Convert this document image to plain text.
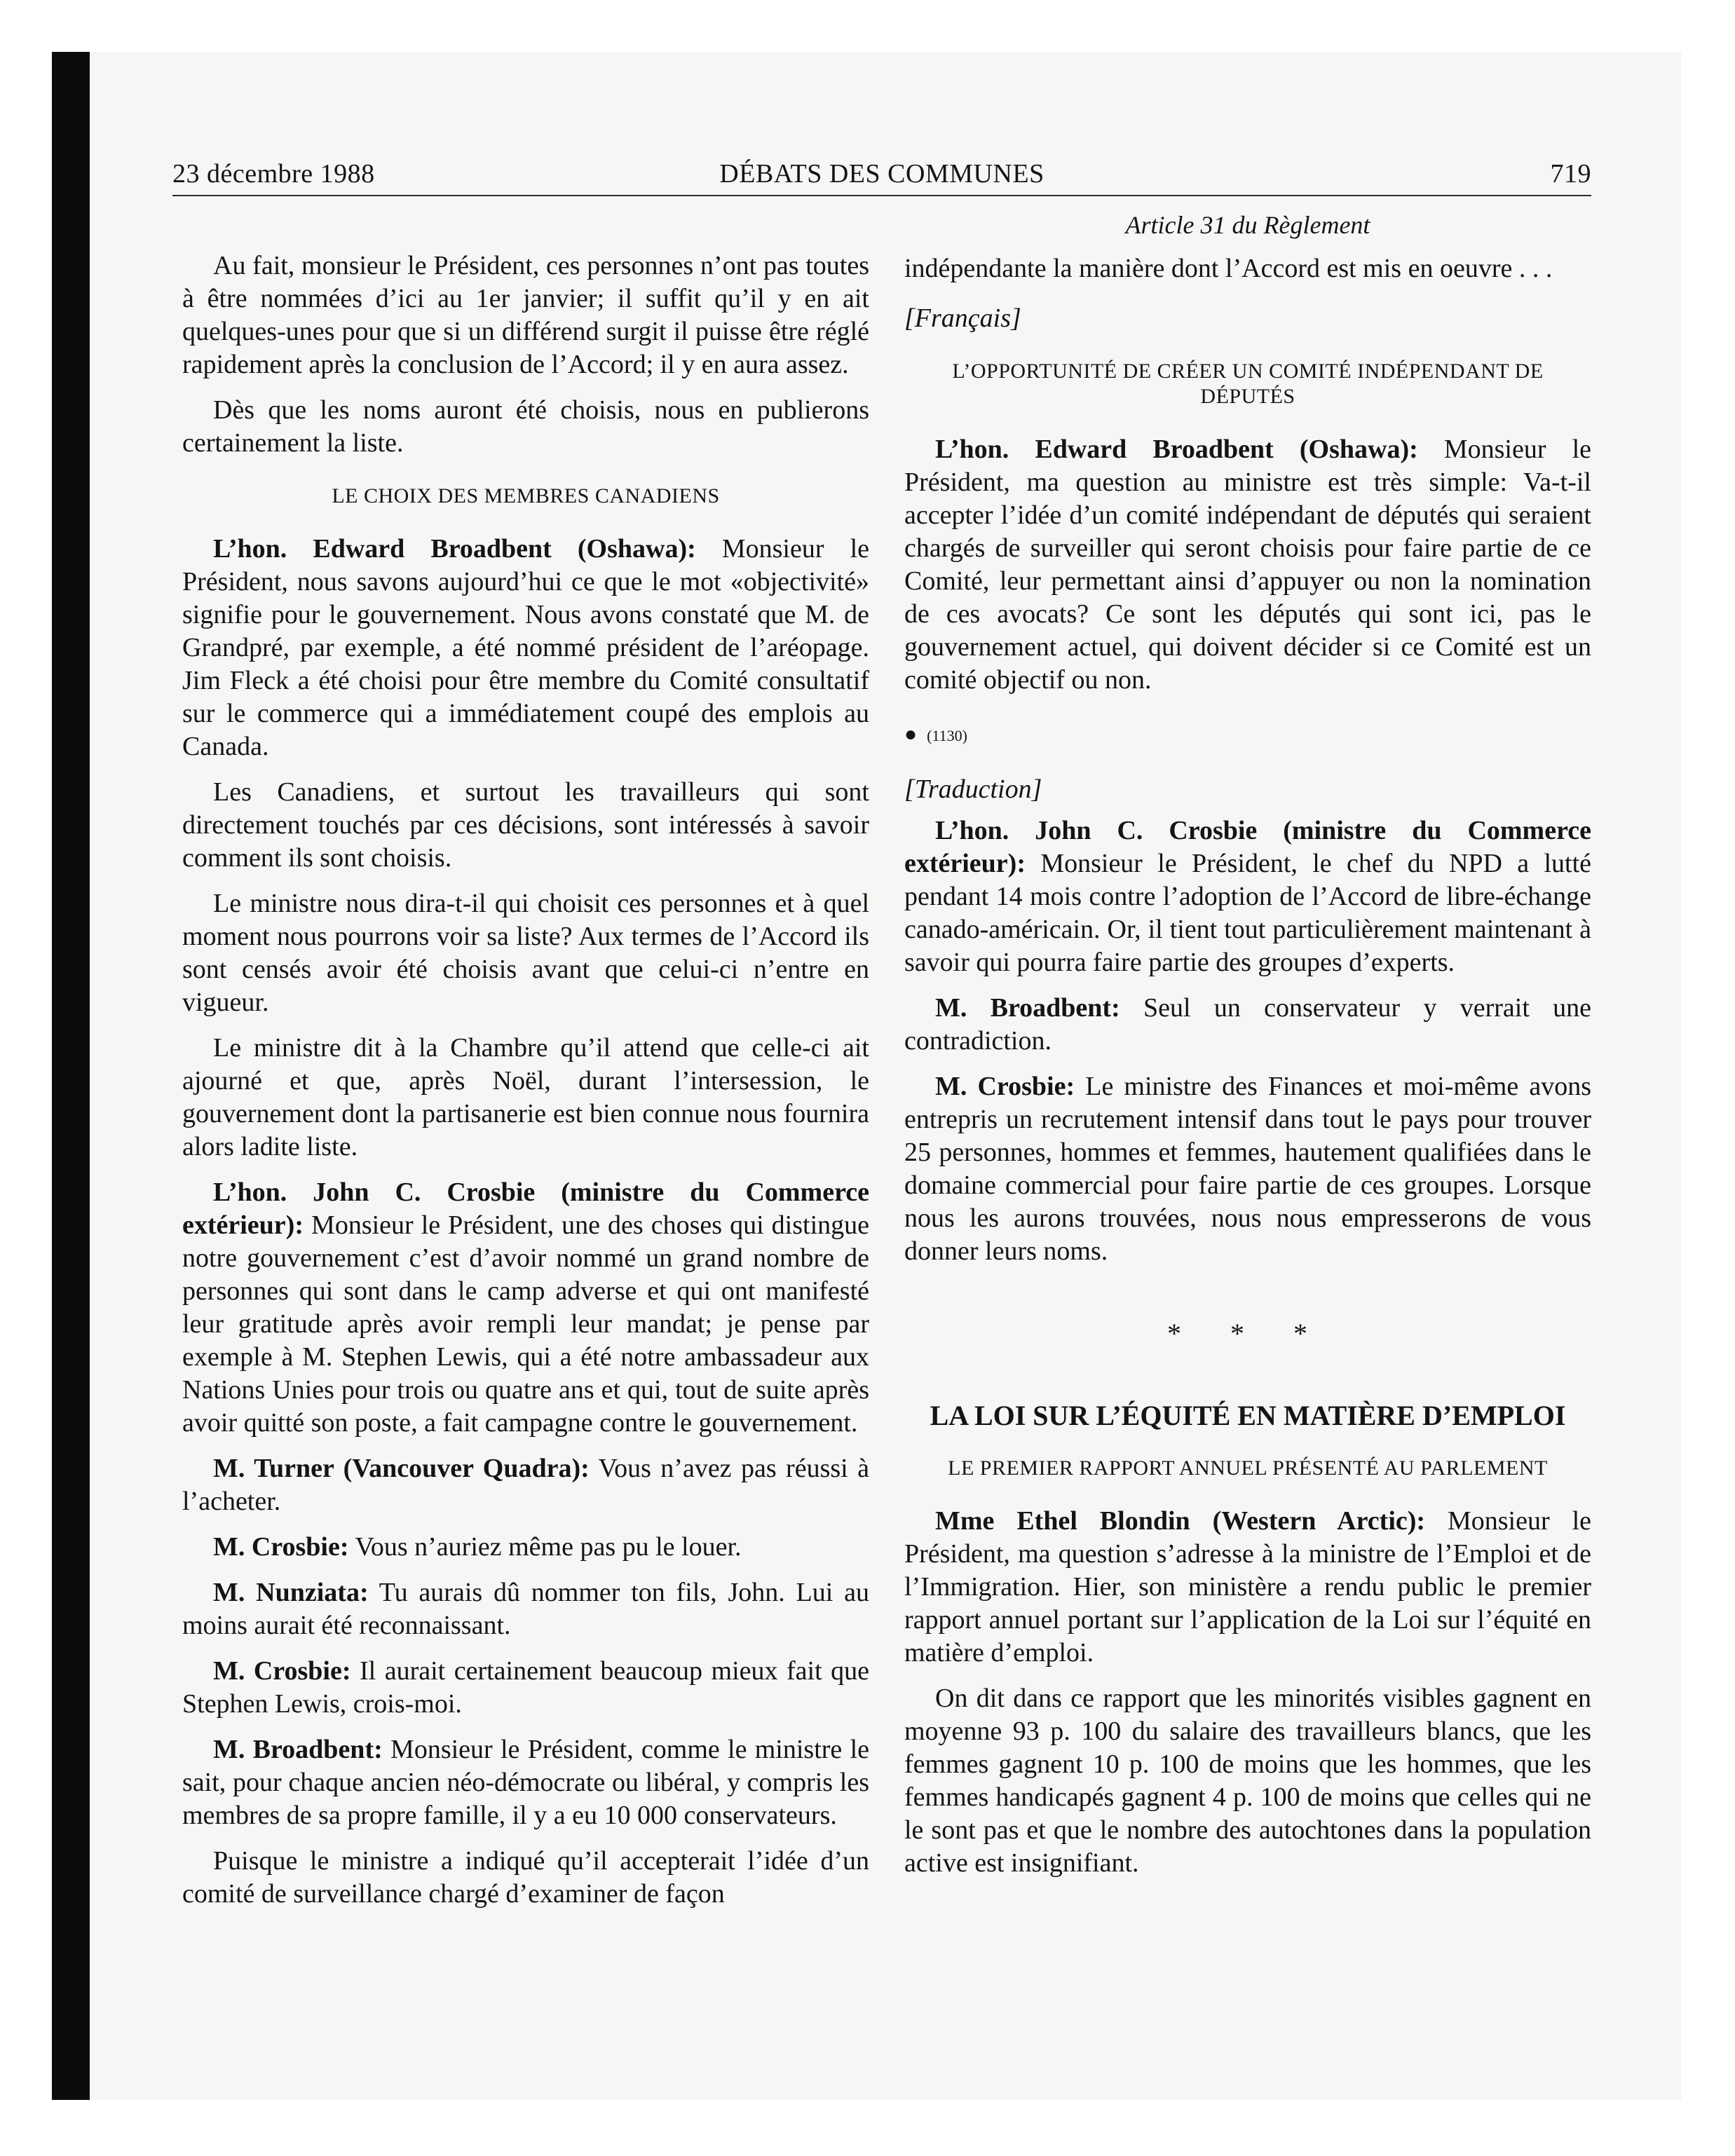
23 décembre 1988	DÉBATS DES COMMUNES	719

Article 31 du Règlement

Au fait, monsieur le Président, ces personnes n’ont pas toutes à être nommées d’ici au 1er janvier; il suffit qu’il y en ait quelques-unes pour que si un différend surgit il puisse être réglé rapidement après la conclusion de l’Accord; il y en aura assez.

Dès que les noms auront été choisis, nous en publierons certainement la liste.

LE CHOIX DES MEMBRES CANADIENS

L’hon. Edward Broadbent (Oshawa): Monsieur le Président, nous savons aujourd’hui ce que le mot «objectivité» signifie pour le gouvernement. Nous avons constaté que M. de Grandpré, par exemple, a été nommé président de l’aréopage. Jim Fleck a été choisi pour être membre du Comité consultatif sur le commerce qui a immédiatement coupé des emplois au Canada.

Les Canadiens, et surtout les travailleurs qui sont directement touchés par ces décisions, sont intéressés à savoir comment ils sont choisis.

Le ministre nous dira-t-il qui choisit ces personnes et à quel moment nous pourrons voir sa liste? Aux termes de l’Accord ils sont censés avoir été choisis avant que celui-ci n’entre en vigueur.

Le ministre dit à la Chambre qu’il attend que celle-ci ait ajourné et que, après Noël, durant l’intersession, le gouvernement dont la partisanerie est bien connue nous fournira alors ladite liste.

L’hon. John C. Crosbie (ministre du Commerce extérieur): Monsieur le Président, une des choses qui distingue notre gouvernement c’est d’avoir nommé un grand nombre de personnes qui sont dans le camp adverse et qui ont manifesté leur gratitude après avoir rempli leur mandat; je pense par exemple à M. Stephen Lewis, qui a été notre ambassadeur aux Nations Unies pour trois ou quatre ans et qui, tout de suite après avoir quitté son poste, a fait campagne contre le gouvernement.

M. Turner (Vancouver Quadra): Vous n’avez pas réussi à l’acheter.

M. Crosbie: Vous n’auriez même pas pu le louer.

M. Nunziata: Tu aurais dû nommer ton fils, John. Lui au moins aurait été reconnaissant.

M. Crosbie: Il aurait certainement beaucoup mieux fait que Stephen Lewis, crois-moi.

M. Broadbent: Monsieur le Président, comme le ministre le sait, pour chaque ancien néo-démocrate ou libéral, y compris les membres de sa propre famille, il y a eu 10 000 conservateurs.

Puisque le ministre a indiqué qu’il accepterait l’idée d’un comité de surveillance chargé d’examiner de façon

indépendante la manière dont l’Accord est mis en oeuvre . . .

[Français]
L’OPPORTUNITÉ DE CRÉER UN COMITÉ INDÉPENDANT DE DÉPUTÉS

L’hon. Edward Broadbent (Oshawa): Monsieur le Président, ma question au ministre est très simple: Va-t-il accepter l’idée d’un comité indépendant de députés qui seraient chargés de surveiller qui seront choisis pour faire partie de ce Comité, leur permettant ainsi d’appuyer ou non la nomination de ces avocats? Ce sont les députés qui sont ici, pas le gouvernement actuel, qui doivent décider si ce Comité est un comité objectif ou non.

● (1130)
[Traduction]

L’hon. John C. Crosbie (ministre du Commerce extérieur): Monsieur le Président, le chef du NPD a lutté pendant 14 mois contre l’adoption de l’Accord de libre-échange canado-américain. Or, il tient tout particulièrement maintenant à savoir qui pourra faire partie des groupes d’experts.

M. Broadbent: Seul un conservateur y verrait une contradiction.

M. Crosbie: Le ministre des Finances et moi-même avons entrepris un recrutement intensif dans tout le pays pour trouver 25 personnes, hommes et femmes, hautement qualifiées dans le domaine commercial pour faire partie de ces groupes. Lorsque nous les aurons trouvées, nous nous empresserons de vous donner leurs noms.

* * *
LA LOI SUR L’ÉQUITÉ EN MATIÈRE D’EMPLOI
LE PREMIER RAPPORT ANNUEL PRÉSENTÉ AU PARLEMENT

Mme Ethel Blondin (Western Arctic): Monsieur le Président, ma question s’adresse à la ministre de l’Emploi et de l’Immigration. Hier, son ministère a rendu public le premier rapport annuel portant sur l’application de la Loi sur l’équité en matière d’emploi.

On dit dans ce rapport que les minorités visibles gagnent en moyenne 93 p. 100 du salaire des travailleurs blancs, que les femmes gagnent 10 p. 100 de moins que les hommes, que les femmes handicapés gagnent 4 p. 100 de moins que celles qui ne le sont pas et que le nombre des autochtones dans la population active est insignifiant.
